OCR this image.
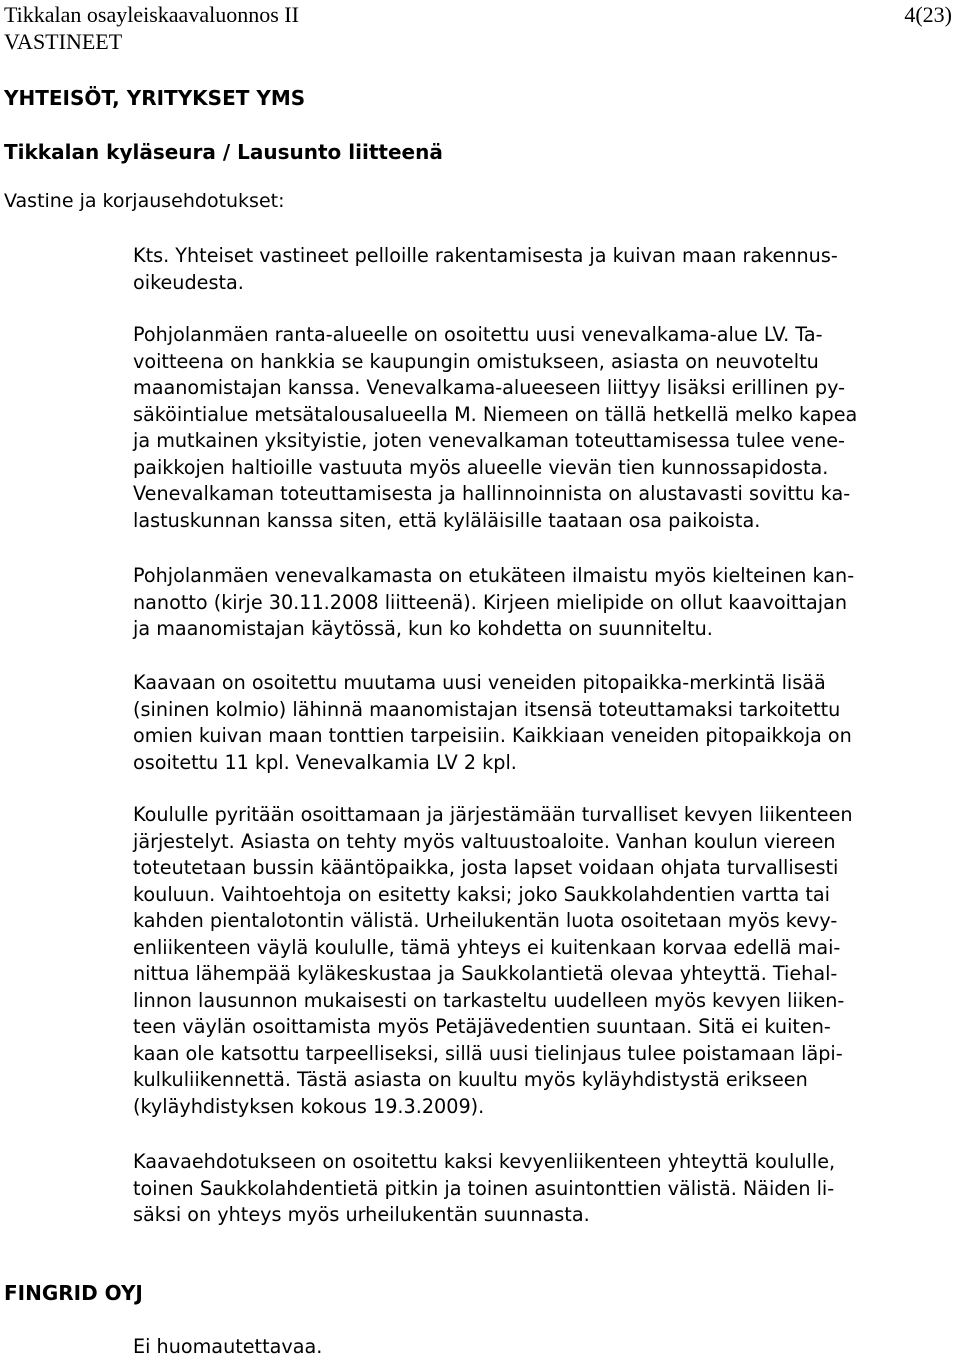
Tikkalan osayleiskaavaluonnos II
VASTINEET
4(23)
YHTEISÖT, YRITYKSET YMS
Tikkalan kyläseura / Lausunto liitteenä
Vastine ja korjausehdotukset:

Kts. Yhteiset vastineet pelloille rakentamisesta ja kuivan maan rakennus-
oikeudesta.

Pohjolanmäen ranta-alueelle on osoitettu uusi venevalkama-alue LV. Ta-
voitteena on hankkia se kaupungin omistukseen, asiasta on neuvoteltu
maanomistajan kanssa. Venevalkama-alueeseen liittyy lisäksi erillinen py-
säköintialue metsätalousalueella M. Niemeen on tällä hetkellä melko kapea
ja mutkainen yksityistie, joten venevalkaman toteuttamisessa tulee vene-
paikkojen haltioille vastuuta myös alueelle vievän tien kunnossapidosta.
Venevalkaman toteuttamisesta ja hallinnoinnista on alustavasti sovittu ka-
lastuskunnan kanssa siten, että kyläläisille taataan osa paikoista.

Pohjolanmäen venevalkamasta on etukäteen ilmaistu myös kielteinen kan-
nanotto (kirje 30.11.2008 liitteenä). Kirjeen mielipide on ollut kaavoittajan
ja maanomistajan käytössä, kun ko kohdetta on suunniteltu.

Kaavaan on osoitettu muutama uusi veneiden pitopaikka-merkintä lisää
(sininen kolmio) lähinnä maanomistajan itsensä toteuttamaksi tarkoitettu
omien kuivan maan tonttien tarpeisiin. Kaikkiaan veneiden pitopaikkoja on
osoitettu 11 kpl. Venevalkamia LV 2 kpl.

Koululle pyritään osoittamaan ja järjestämään turvalliset kevyen liikenteen
järjestelyt. Asiasta on tehty myös valtuustoaloite. Vanhan koulun viereen
toteutetaan bussin kääntöpaikka, josta lapset voidaan ohjata turvallisesti
kouluun. Vaihtoehtoja on esitetty kaksi; joko Saukkolahdentien vartta tai
kahden pientalotontin välistä. Urheilukentän luota osoitetaan myös kevy-
enliikenteen väylä koululle, tämä yhteys ei kuitenkaan korvaa edellä mai-
nittua lähempää kyläkeskustaa ja Saukkolantietä olevaa yhteyttä. Tiehal-
linnon lausunnon mukaisesti on tarkasteltu uudelleen myös kevyen liiken-
teen väylän osoittamista myös Petäjävedentien suuntaan. Sitä ei kuiten-
kaan ole katsottu tarpeelliseksi, sillä uusi tielinjaus tulee poistamaan läpi-
kulkuliikennettä. Tästä asiasta on kuultu myös kyläyhdistystä erikseen
(kyläyhdistyksen kokous 19.3.2009).

Kaavaehdotukseen on osoitettu kaksi kevyenliikenteen yhteyttä koululle,
toinen Saukkolahdentietä pitkin ja toinen asuintonttien välistä. Näiden li-
säksi on yhteys myös urheilukentän suunnasta.

FINGRID OYJ

Ei huomautettavaa.
